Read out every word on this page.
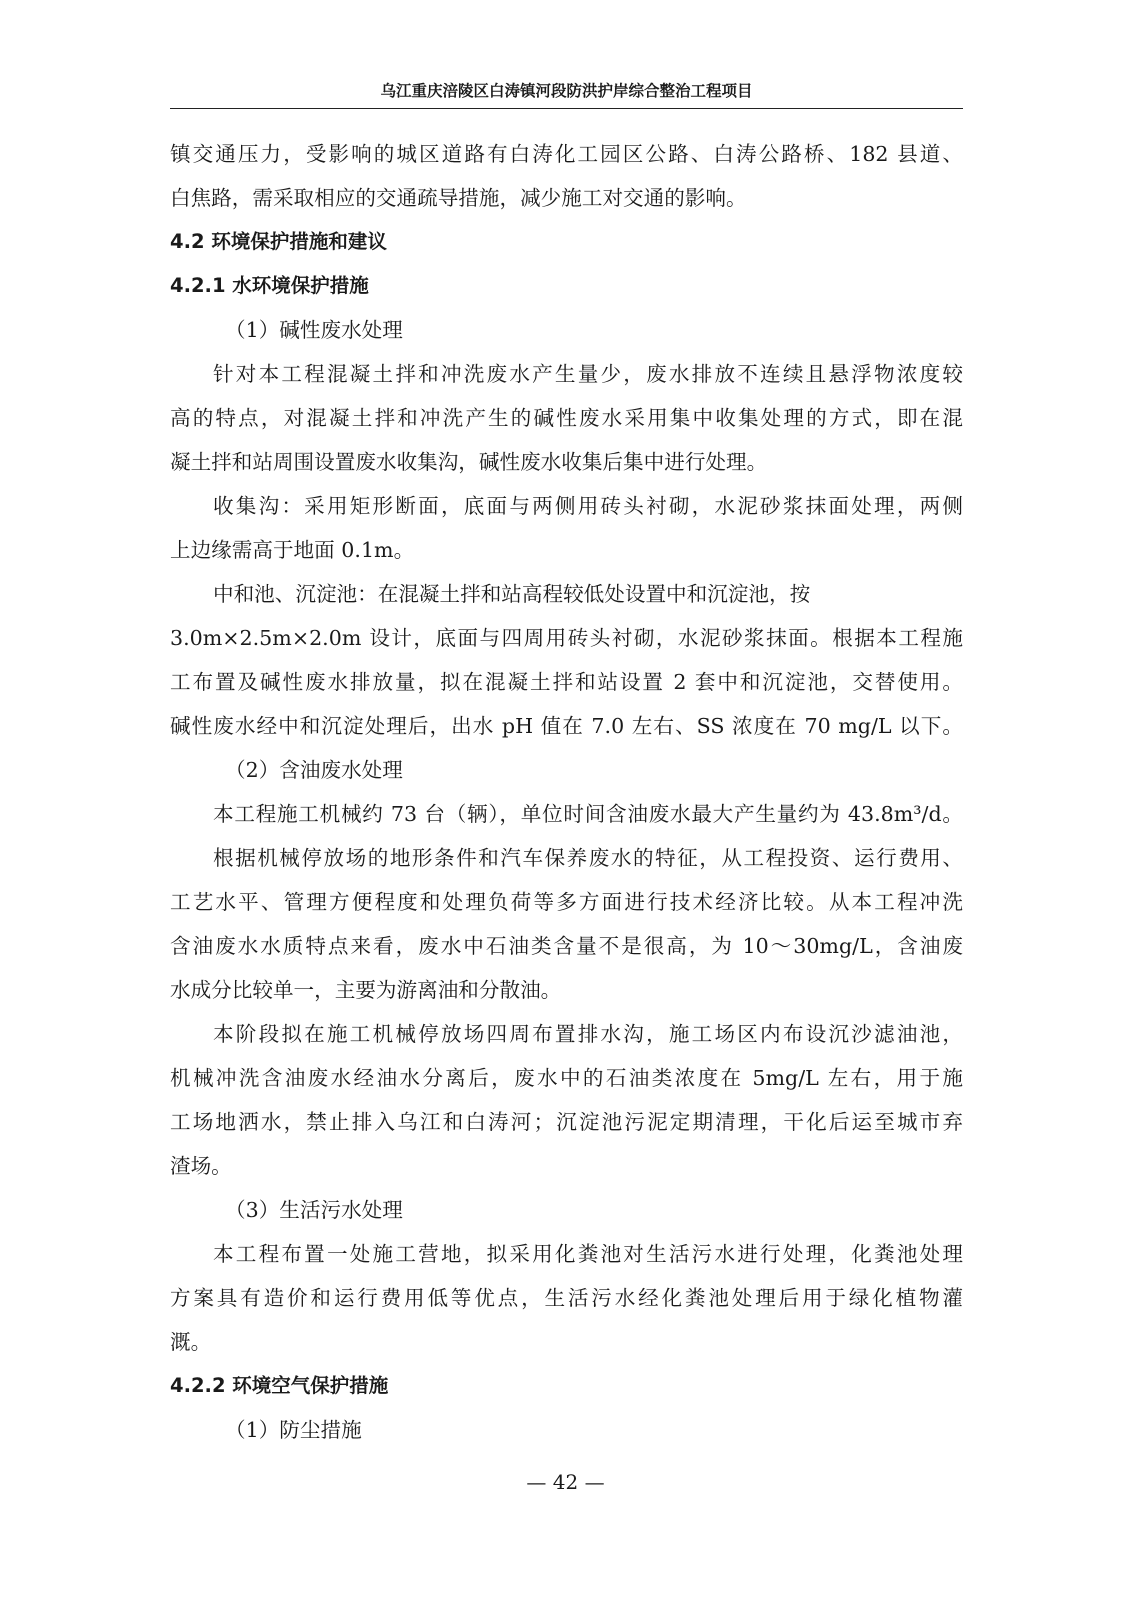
乌江重庆涪陵区白涛镇河段防洪护岸综合整治工程项目
镇交通压力，受影响的城区道路有白涛化工园区公路、白涛公路桥、182 县道、
白焦路，需采取相应的交通疏导措施，减少施工对交通的影响。
4.2 环境保护措施和建议
4.2.1 水环境保护措施
（1）碱性废水处理
针对本工程混凝土拌和冲洗废水产生量少，废水排放不连续且悬浮物浓度较
高的特点，对混凝土拌和冲洗产生的碱性废水采用集中收集处理的方式，即在混
凝土拌和站周围设置废水收集沟，碱性废水收集后集中进行处理。
收集沟：采用矩形断面，底面与两侧用砖头衬砌，水泥砂浆抹面处理，两侧
上边缘需高于地面 0.1m。
中和池、沉淀池：在混凝土拌和站高程较低处设置中和沉淀池，按
3.0m×2.5m×2.0m 设计，底面与四周用砖头衬砌，水泥砂浆抹面。根据本工程施
工布置及碱性废水排放量，拟在混凝土拌和站设置 2 套中和沉淀池，交替使用。
碱性废水经中和沉淀处理后，出水 pH 值在 7.0 左右、SS 浓度在 70 mg/L 以下。
（2）含油废水处理
本工程施工机械约 73 台（辆），单位时间含油废水最大产生量约为 43.8m³/d。
根据机械停放场的地形条件和汽车保养废水的特征，从工程投资、运行费用、
工艺水平、管理方便程度和处理负荷等多方面进行技术经济比较。从本工程冲洗
含油废水水质特点来看，废水中石油类含量不是很高，为 10～30mg/L，含油废
水成分比较单一，主要为游离油和分散油。
本阶段拟在施工机械停放场四周布置排水沟，施工场区内布设沉沙滤油池，
机械冲洗含油废水经油水分离后，废水中的石油类浓度在 5mg/L 左右，用于施
工场地洒水，禁止排入乌江和白涛河；沉淀池污泥定期清理，干化后运至城市弃
渣场。
（3）生活污水处理
本工程布置一处施工营地，拟采用化粪池对生活污水进行处理，化粪池处理
方案具有造价和运行费用低等优点，生活污水经化粪池处理后用于绿化植物灌
溉。
4.2.2 环境空气保护措施
（1）防尘措施
— 42 —
